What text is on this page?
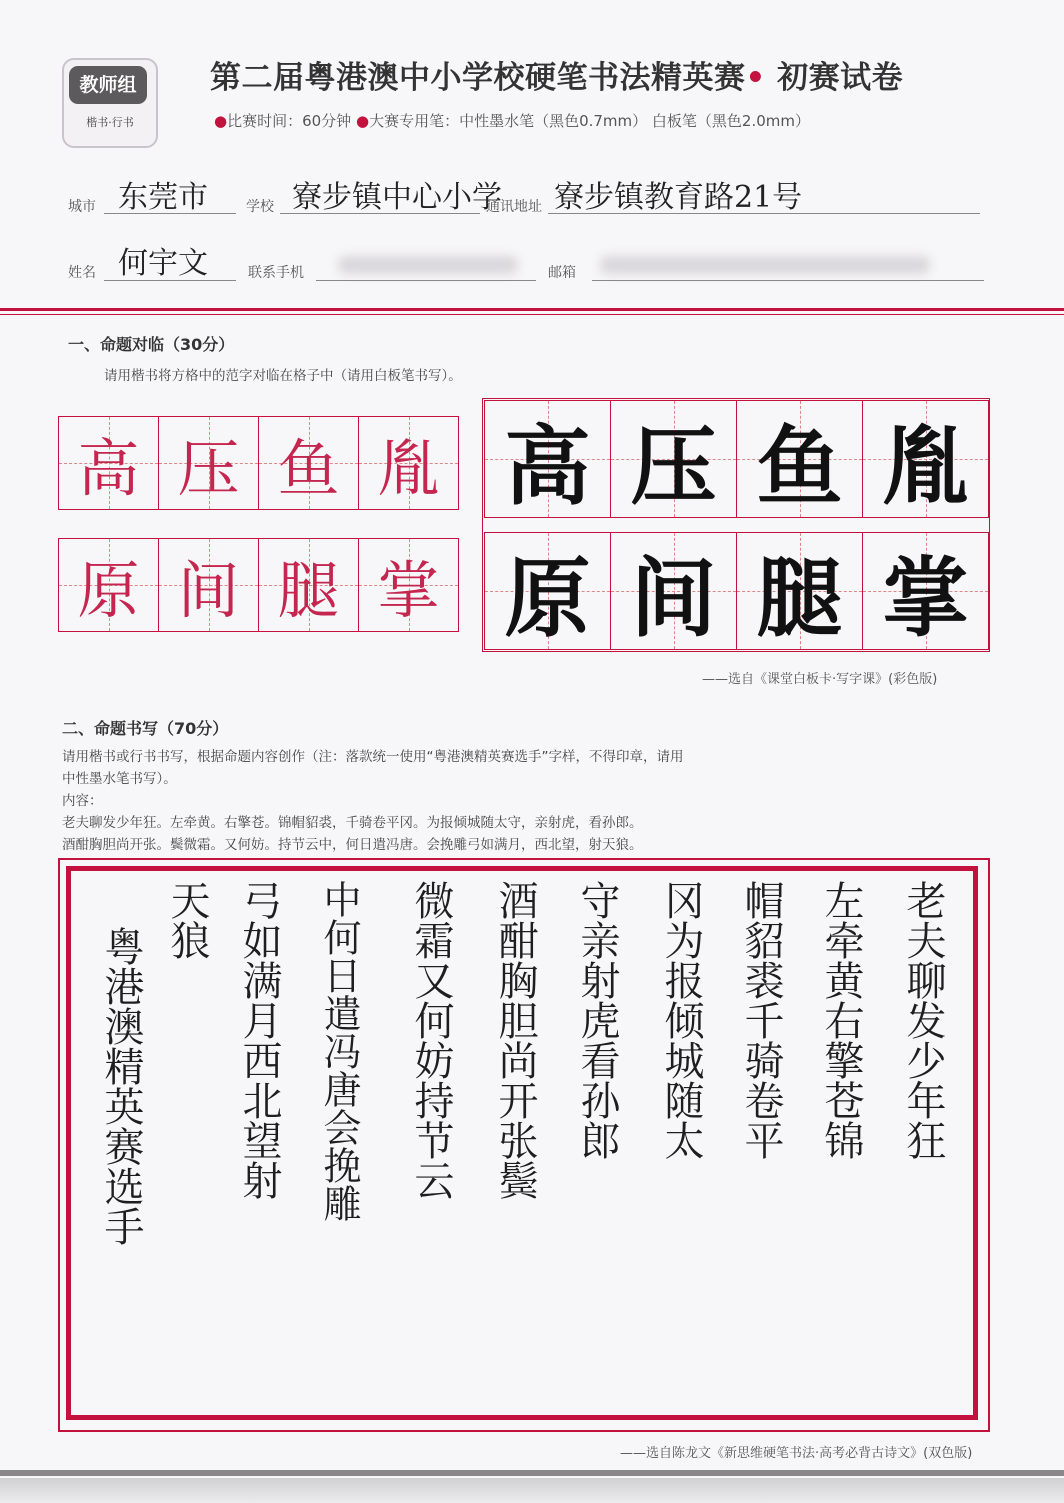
教师组
楷书·行书
第二届粤港澳中小学校硬笔书法精英赛• 初赛试卷
●比赛时间：60分钟 ●大赛专用笔：中性墨水笔（黑色0.7mm） 白板笔（黑色2.0mm）
城市 东莞市	学校 寮步镇中心小学
通讯地址 寮步镇教育路21号
姓名 何宇文	联系手机	邮箱
一、命题对临（30分）
请用楷书将方格中的范字对临在格子中（请用白板笔书写）。
高 压 鱼 胤
原 间 腿 掌
高 压 鱼 胤
原 间 腿 掌
——选自《课堂白板卡·写字课》(彩色版)
二、命题书写（70分）
请用楷书或行书书写，根据命题内容创作（注：落款统一使用“粤港澳精英赛选手”字样，不得印章，请用
中性墨水笔书写）。
内容：
老夫聊发少年狂。左牵黄。右擎苍。锦帽貂裘，千骑卷平冈。为报倾城随太守，亲射虎，看孙郎。
酒酣胸胆尚开张。鬓微霜。又何妨。持节云中，何日遣冯唐。会挽雕弓如满月，西北望，射天狼。
老夫聊发少年狂
左牵黄右擎苍锦
帽貂裘千骑卷平
冈为报倾城随太
守亲射虎看孙郎
酒酣胸胆尚开张鬓
微霜又何妨持节云
中何日遣冯唐会挽雕
弓如满月西北望射
天狼
粤港澳精英赛选手
——选自陈龙文《新思维硬笔书法·高考必背古诗文》(双色版)
